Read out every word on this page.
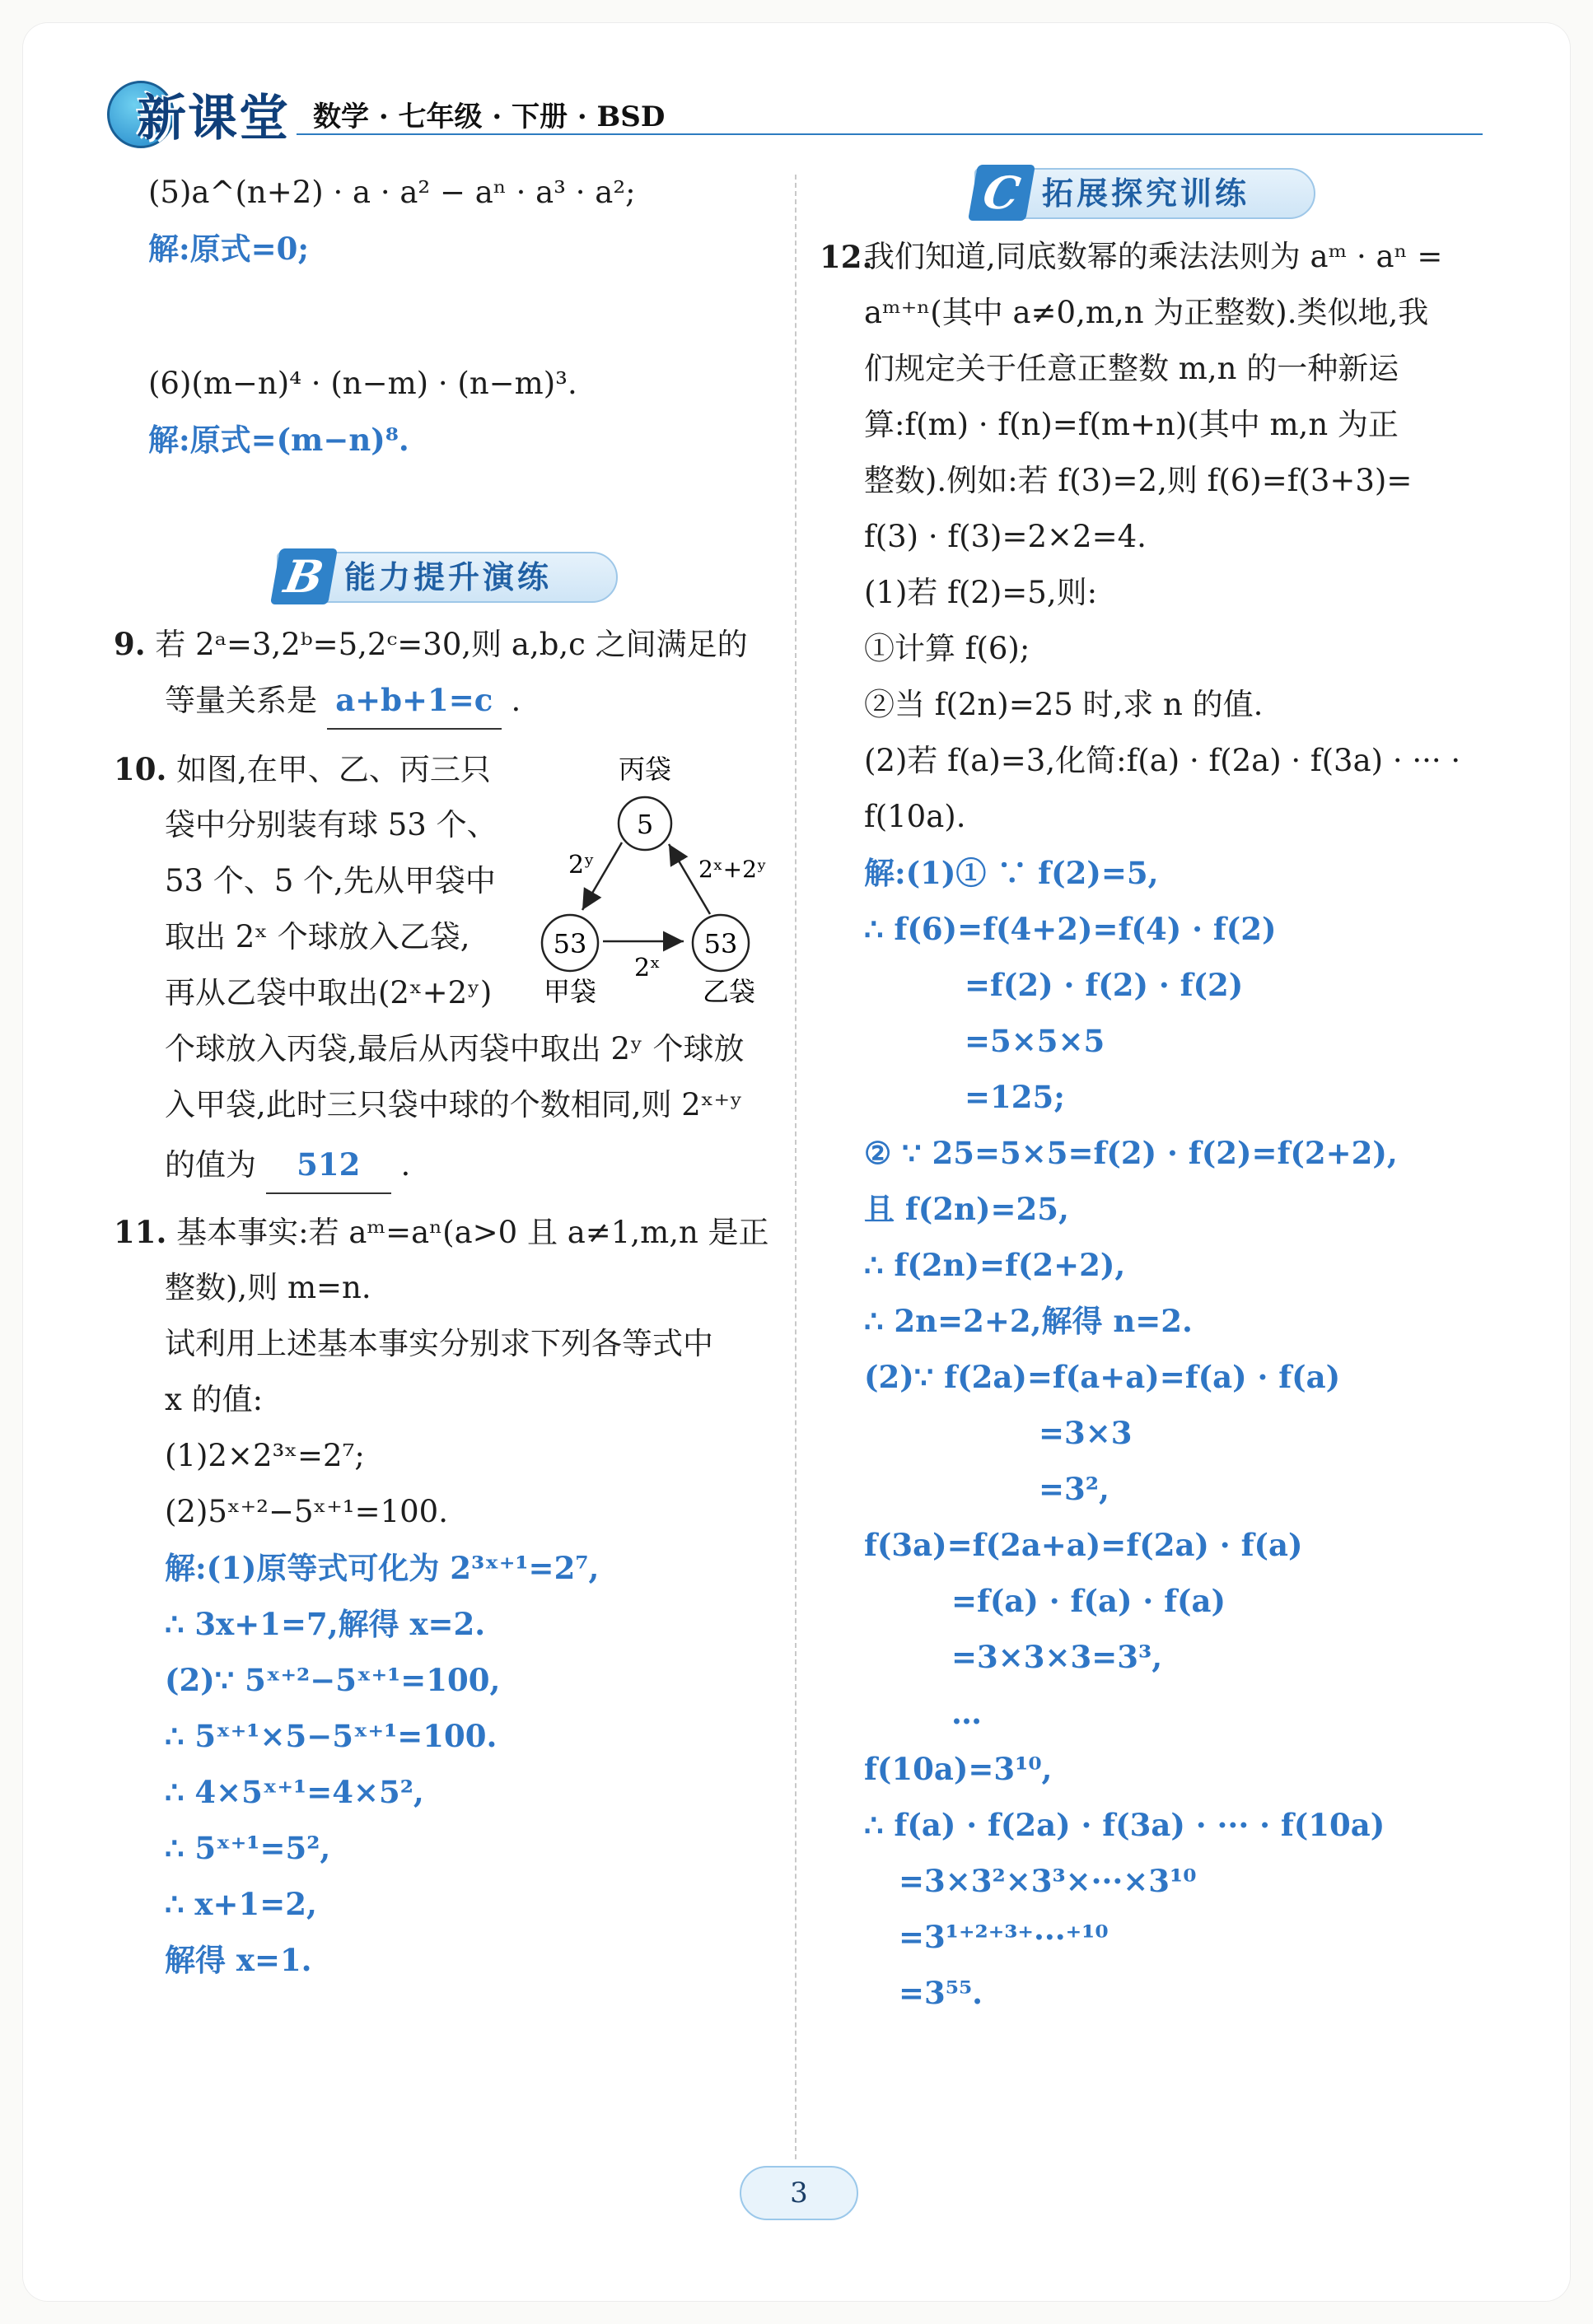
新课堂 数学 · 七年级 · 下册 · BSD
(5)a^(n+2) · a · a² − aⁿ · a³ · a²;
解:原式=0;
(6)(m−n)⁴ · (n−m) · (n−m)³.
解:原式=(m−n)⁸.
B 能力提升演练
9. 若 2ᵃ=3,2ᵇ=5,2ᶜ=30,则 a,b,c 之间满足的
等量关系是 a+b+1=c .
10. 如图,在甲、乙、丙三只
袋中分别装有球 53 个、
53 个、5 个,先从甲袋中
取出 2ˣ 个球放入乙袋,
再从乙袋中取出(2ˣ+2ʸ)
个球放入丙袋,最后从丙袋中取出 2ʸ 个球放
入甲袋,此时三只袋中球的个数相同,则 2ˣ⁺ʸ
的值为 512 .
丙袋
5
53
甲袋
53
乙袋
2ʸ	2ˣ+2ʸ
2ˣ
11. 基本事实:若 aᵐ=aⁿ(a>0 且 a≠1,m,n 是正
整数),则 m=n.
试利用上述基本事实分别求下列各等式中
x 的值:
(1)2×2³ˣ=2⁷;
(2)5ˣ⁺²−5ˣ⁺¹=100.
解:(1)原等式可化为 2³ˣ⁺¹=2⁷,
∴ 3x+1=7,解得 x=2.
(2)∵ 5ˣ⁺²−5ˣ⁺¹=100,
∴ 5ˣ⁺¹×5−5ˣ⁺¹=100.
∴ 4×5ˣ⁺¹=4×5²,
∴ 5ˣ⁺¹=5²,
∴ x+1=2,
解得 x=1.
C 拓展探究训练
12.
我们知道,同底数幂的乘法法则为 aᵐ · aⁿ =
aᵐ⁺ⁿ(其中 a≠0,m,n 为正整数).类似地,我
们规定关于任意正整数 m,n 的一种新运
算:f(m) · f(n)=f(m+n)(其中 m,n 为正
整数).例如:若 f(3)=2,则 f(6)=f(3+3)=
f(3) · f(3)=2×2=4.
(1)若 f(2)=5,则:
①计算 f(6);
②当 f(2n)=25 时,求 n 的值.
(2)若 f(a)=3,化简:f(a) · f(2a) · f(3a) · ··· ·
f(10a).
解:(1)① ∵ f(2)=5,
∴ f(6)=f(4+2)=f(4) · f(2)
=f(2) · f(2) · f(2)
=5×5×5
=125;
② ∵ 25=5×5=f(2) · f(2)=f(2+2),
且 f(2n)=25,
∴ f(2n)=f(2+2),
∴ 2n=2+2,解得 n=2.
(2)∵ f(2a)=f(a+a)=f(a) · f(a)
=3×3
=3²,
f(3a)=f(2a+a)=f(2a) · f(a)
=f(a) · f(a) · f(a)
=3×3×3=3³,
…
f(10a)=3¹⁰,
∴ f(a) · f(2a) · f(3a) · ··· · f(10a)
=3×3²×3³×···×3¹⁰
=3¹⁺²⁺³⁺···⁺¹⁰
=3⁵⁵.
3
